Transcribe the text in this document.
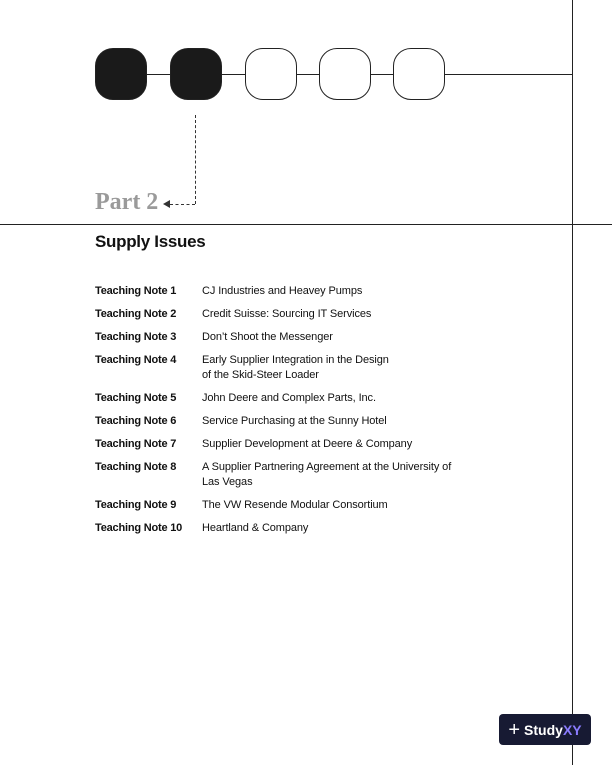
Part 2
Supply Issues
Teaching Note 1	CJ Industries and Heavey Pumps
Teaching Note 2	Credit Suisse: Sourcing IT Services
Teaching Note 3	Don’t Shoot the Messenger
Teaching Note 4	Early Supplier Integration in the Design
of the Skid-Steer Loader
Teaching Note 5	John Deere and Complex Parts, Inc.
Teaching Note 6	Service Purchasing at the Sunny Hotel
Teaching Note 7	Supplier Development at Deere & Company
Teaching Note 8	A Supplier Partnering Agreement at the University of
Las Vegas
Teaching Note 9	The VW Resende Modular Consortium
Teaching Note 10	Heartland & Company
+ Study XY
